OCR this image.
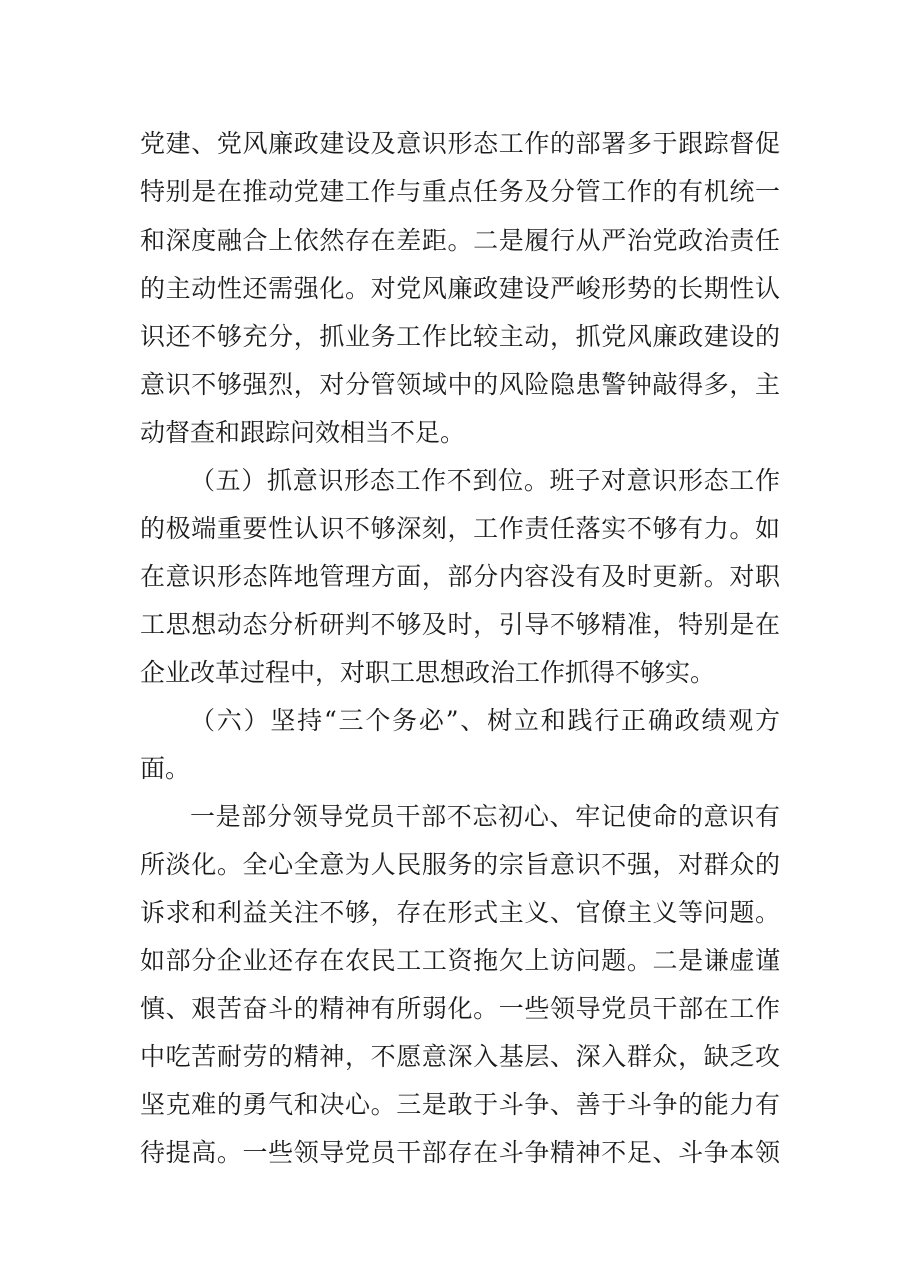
党建、党风廉政建设及意识形态工作的部署多于跟踪督促
特别是在推动党建工作与重点任务及分管工作的有机统一
和深度融合上依然存在差距。二是履行从严治党政治责任
的主动性还需强化。对党风廉政建设严峻形势的长期性认
识还不够充分，抓业务工作比较主动，抓党风廉政建设的
意识不够强烈，对分管领域中的风险隐患警钟敲得多，主
动督查和跟踪问效相当不足。
（五）抓意识形态工作不到位。班子对意识形态工作
的极端重要性认识不够深刻，工作责任落实不够有力。如
在意识形态阵地管理方面，部分内容没有及时更新。对职
工思想动态分析研判不够及时，引导不够精准，特别是在
企业改革过程中，对职工思想政治工作抓得不够实。
（六）坚持“三个务必”、树立和践行正确政绩观方
面。
一是部分领导党员干部不忘初心、牢记使命的意识有
所淡化。全心全意为人民服务的宗旨意识不强，对群众的
诉求和利益关注不够，存在形式主义、官僚主义等问题。
如部分企业还存在农民工工资拖欠上访问题。二是谦虚谨
慎、艰苦奋斗的精神有所弱化。一些领导党员干部在工作
中吃苦耐劳的精神，不愿意深入基层、深入群众，缺乏攻
坚克难的勇气和决心。三是敢于斗争、善于斗争的能力有
待提高。一些领导党员干部存在斗争精神不足、斗争本领
